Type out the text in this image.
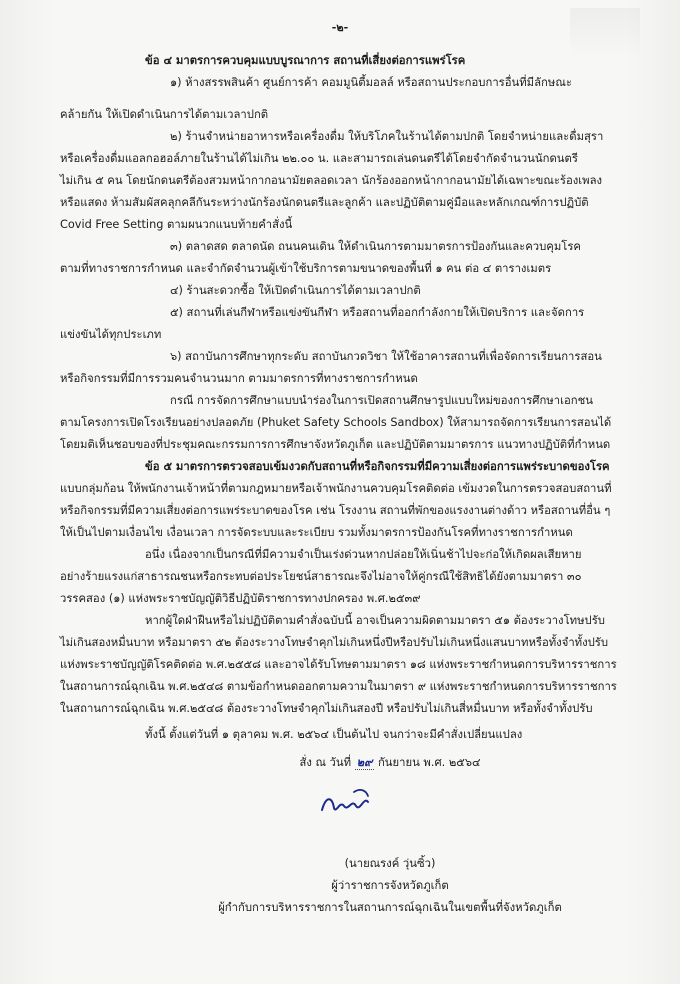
-๒-
ข้อ ๔ มาตรการควบคุมแบบบูรณาการ สถานที่เสี่ยงต่อการแพร่โรค
๑) ห้างสรรพสินค้า ศูนย์การค้า คอมมูนิตี้มอลล์ หรือสถานประกอบการอื่นที่มีลักษณะ
คล้ายกัน ให้เปิดดำเนินการได้ตามเวลาปกติ
๒) ร้านจำหน่ายอาหารหรือเครื่องดื่ม ให้บริโภคในร้านได้ตามปกติ โดยจำหน่ายและดื่มสุรา
หรือเครื่องดื่มแอลกอฮอล์ภายในร้านได้ไม่เกิน ๒๒.๐๐ น. และสามารถเล่นดนตรีได้โดยจำกัดจำนวนนักดนตรี
ไม่เกิน ๕ คน โดยนักดนตรีต้องสวมหน้ากากอนามัยตลอดเวลา นักร้องออกหน้ากากอนามัยได้เฉพาะขณะร้องเพลง
หรือแสดง ห้ามสัมผัสคลุกคลีกันระหว่างนักร้องนักดนตรีและลูกค้า และปฏิบัติตามคู่มือและหลักเกณฑ์การปฏิบัติ
Covid Free Setting ตามผนวกแนบท้ายคำสั่งนี้
๓) ตลาดสด ตลาดนัด ถนนคนเดิน ให้ดำเนินการตามมาตรการป้องกันและควบคุมโรค
ตามที่ทางราชการกำหนด และจำกัดจำนวนผู้เข้าใช้บริการตามขนาดของพื้นที่ ๑ คน ต่อ ๔ ตารางเมตร
๔) ร้านสะดวกซื้อ ให้เปิดดำเนินการได้ตามเวลาปกติ
๕) สถานที่เล่นกีฬาหรือแข่งขันกีฬา หรือสถานที่ออกกำลังกายให้เปิดบริการ และจัดการ
แข่งขันได้ทุกประเภท
๖) สถาบันการศึกษาทุกระดับ สถาบันกวดวิชา ให้ใช้อาคารสถานที่เพื่อจัดการเรียนการสอน
หรือกิจกรรมที่มีการรวมคนจำนวนมาก ตามมาตรการที่ทางราชการกำหนด
กรณี การจัดการศึกษาแบบนำร่องในการเปิดสถานศึกษารูปแบบใหม่ของการศึกษาเอกชน
ตามโครงการเปิดโรงเรียนอย่างปลอดภัย (Phuket Safety Schools Sandbox) ให้สามารถจัดการเรียนการสอนได้
โดยมติเห็นชอบของที่ประชุมคณะกรรมการการศึกษาจังหวัดภูเก็ต และปฏิบัติตามมาตรการ แนวทางปฏิบัติที่กำหนด
ข้อ ๕ มาตรการตรวจสอบเข้มงวดกับสถานที่หรือกิจกรรมที่มีความเสี่ยงต่อการแพร่ระบาดของโรค
แบบกลุ่มก้อน ให้พนักงานเจ้าหน้าที่ตามกฎหมายหรือเจ้าพนักงานควบคุมโรคติดต่อ เข้มงวดในการตรวจสอบสถานที่
หรือกิจกรรมที่มีความเสี่ยงต่อการแพร่ระบาดของโรค เช่น โรงงาน สถานที่พักของแรงงานต่างด้าว หรือสถานที่อื่น ๆ
ให้เป็นไปตามเงื่อนไข เงื่อนเวลา การจัดระบบและระเบียบ รวมทั้งมาตรการป้องกันโรคที่ทางราชการกำหนด
อนึ่ง เนื่องจากเป็นกรณีที่มีความจำเป็นเร่งด่วนหากปล่อยให้เนิ่นช้าไปจะก่อให้เกิดผลเสียหาย
อย่างร้ายแรงแก่สาธารณชนหรือกระทบต่อประโยชน์สาธารณะจึงไม่อาจให้คู่กรณีใช้สิทธิได้ยังตามมาตรา ๓๐
วรรคสอง (๑) แห่งพระราชบัญญัติวิธีปฏิบัติราชการทางปกครอง พ.ศ.๒๕๓๙
หากผู้ใดฝ่าฝืนหรือไม่ปฏิบัติตามคำสั่งฉบับนี้ อาจเป็นความผิดตามมาตรา ๕๑ ต้องระวางโทษปรับ
ไม่เกินสองหมื่นบาท หรือมาตรา ๕๒ ต้องระวางโทษจำคุกไม่เกินหนึ่งปีหรือปรับไม่เกินหนึ่งแสนบาทหรือทั้งจำทั้งปรับ
แห่งพระราชบัญญัติโรคติดต่อ พ.ศ.๒๕๕๘ และอาจได้รับโทษตามมาตรา ๑๘ แห่งพระราชกำหนดการบริหารราชการ
ในสถานการณ์ฉุกเฉิน พ.ศ.๒๕๔๘ ตามข้อกำหนดออกตามความในมาตรา ๙ แห่งพระราชกำหนดการบริหารราชการ
ในสถานการณ์ฉุกเฉิน พ.ศ.๒๕๔๘ ต้องระวางโทษจำคุกไม่เกินสองปี หรือปรับไม่เกินสี่หมื่นบาท หรือทั้งจำทั้งปรับ
ทั้งนี้ ตั้งแต่วันที่ ๑ ตุลาคม พ.ศ. ๒๕๖๔ เป็นต้นไป จนกว่าจะมีคำสั่งเปลี่ยนแปลง
สั่ง ณ วันที่ ๒๙ กันยายน พ.ศ. ๒๕๖๔
(นายณรงค์ วุ่นซิ้ว)
ผู้ว่าราชการจังหวัดภูเก็ต
ผู้กำกับการบริหารราชการในสถานการณ์ฉุกเฉินในเขตพื้นที่จังหวัดภูเก็ต
